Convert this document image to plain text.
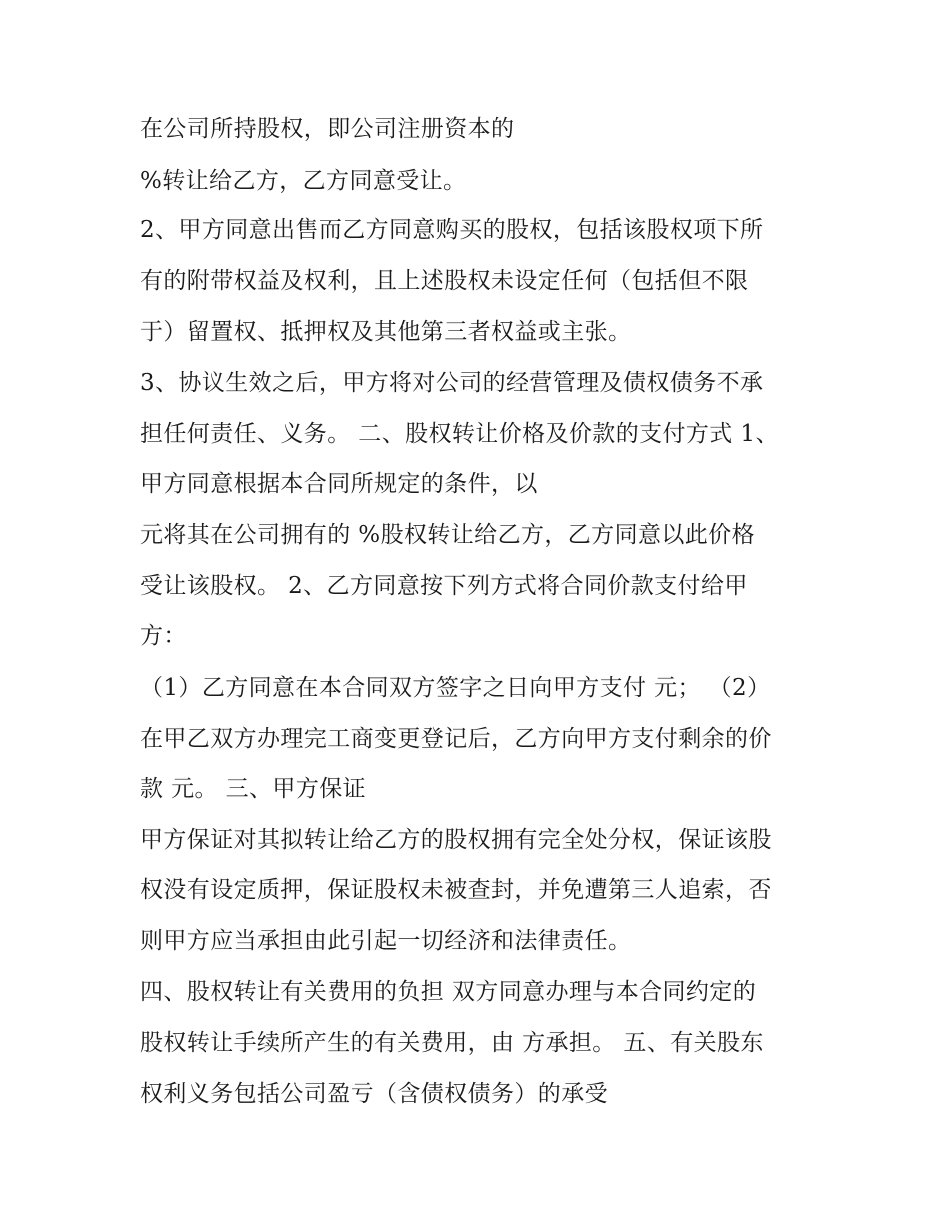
在公司所持股权，即公司注册资本的
%转让给乙方，乙方同意受让。
2、甲方同意出售而乙方同意购买的股权，包括该股权项下所
有的附带权益及权利，且上述股权未设定任何（包括但不限
于）留置权、抵押权及其他第三者权益或主张。
3、协议生效之后，甲方将对公司的经营管理及债权债务不承
担任何责任、义务。 二、股权转让价格及价款的支付方式 1、
甲方同意根据本合同所规定的条件，以
元将其在公司拥有的 %股权转让给乙方，乙方同意以此价格
受让该股权。 2、乙方同意按下列方式将合同价款支付给甲
方：
（1）乙方同意在本合同双方签字之日向甲方支付 元； （2）
在甲乙双方办理完工商变更登记后，乙方向甲方支付剩余的价
款 元。 三、甲方保证
甲方保证对其拟转让给乙方的股权拥有完全处分权，保证该股
权没有设定质押，保证股权未被查封，并免遭第三人追索，否
则甲方应当承担由此引起一切经济和法律责任。
四、股权转让有关费用的负担 双方同意办理与本合同约定的
股权转让手续所产生的有关费用，由 方承担。 五、有关股东
权利义务包括公司盈亏（含债权债务）的承受
